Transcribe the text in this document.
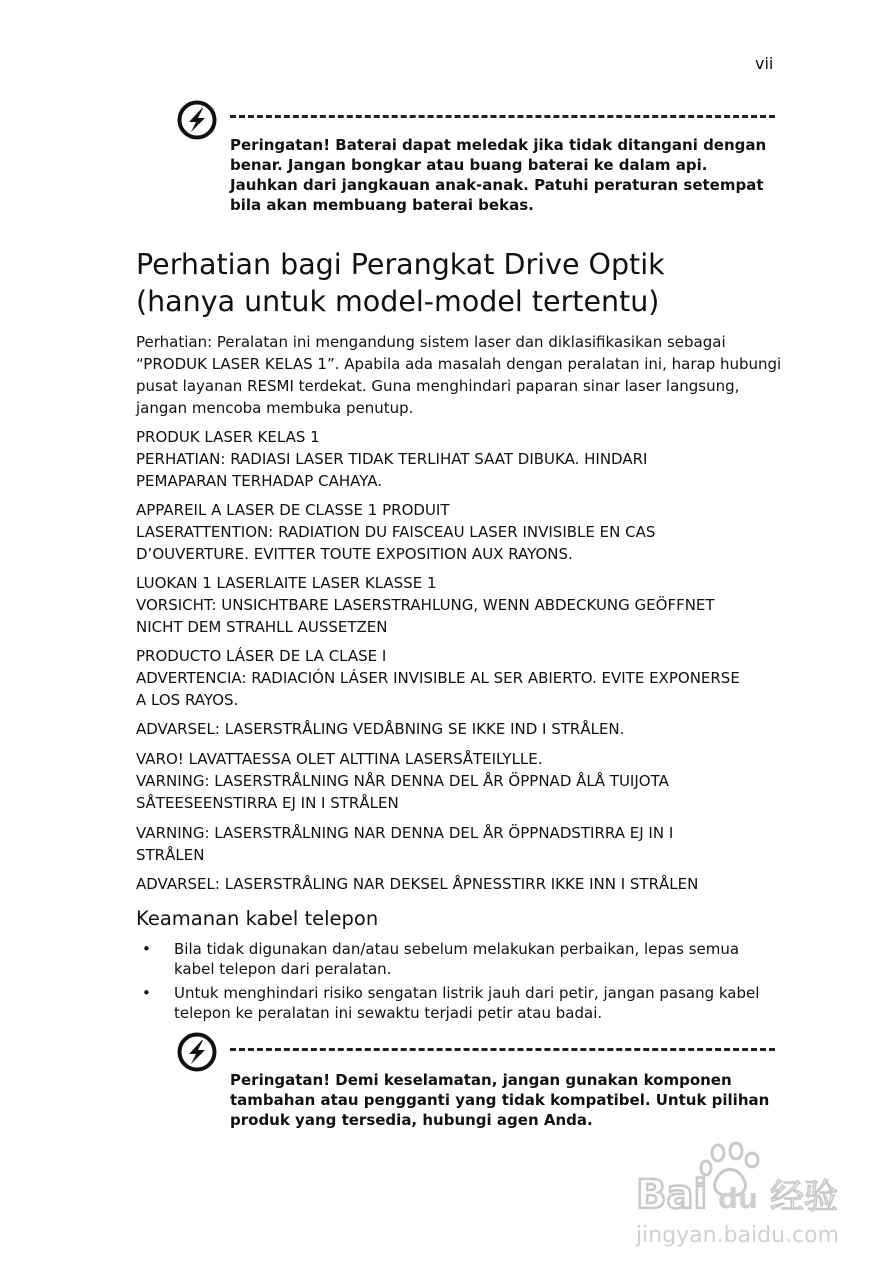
vii
Peringatan! Baterai dapat meledak jika tidak ditangani dengan benar. Jangan bongkar atau buang baterai ke dalam api. Jauhkan dari jangkauan anak-anak. Patuhi peraturan setempat bila akan membuang baterai bekas.
Perhatian bagi Perangkat Drive Optik
(hanya untuk model-model tertentu)

Perhatian: Peralatan ini mengandung sistem laser dan diklasifikasikan sebagai “PRODUK LASER KELAS 1”. Apabila ada masalah dengan peralatan ini, harap hubungi pusat layanan RESMI terdekat. Guna menghindari paparan sinar laser langsung, jangan mencoba membuka penutup.

PRODUK LASER KELAS 1
PERHATIAN: RADIASI LASER TIDAK TERLIHAT SAAT DIBUKA. HINDARI
PEMAPARAN TERHADAP CAHAYA.
APPAREIL A LASER DE CLASSE 1 PRODUIT
LASERATTENTION: RADIATION DU FAISCEAU LASER INVISIBLE EN CAS
D’OUVERTURE. EVITTER TOUTE EXPOSITION AUX RAYONS.
LUOKAN 1 LASERLAITE LASER KLASSE 1
VORSICHT: UNSICHTBARE LASERSTRAHLUNG, WENN ABDECKUNG GEÖFFNET
NICHT DEM STRAHLL AUSSETZEN
PRODUCTO LÁSER DE LA CLASE I
ADVERTENCIA: RADIACIÓN LÁSER INVISIBLE AL SER ABIERTO. EVITE EXPONERSE
A LOS RAYOS.
ADVARSEL: LASERSTRÅLING VEDÅBNING SE IKKE IND I STRÅLEN.
VARO! LAVATTAESSA OLET ALTTINA LASERSÅTEILYLLE.
VARNING: LASERSTRÅLNING NÅR DENNA DEL ÅR ÖPPNAD ÅLÅ TUIJOTA
SÅTEESEENSTIRRA EJ IN I STRÅLEN
VARNING: LASERSTRÅLNING NAR DENNA DEL ÅR ÖPPNADSTIRRA EJ IN I
STRÅLEN
ADVARSEL: LASERSTRÅLING NAR DEKSEL ÅPNESSTIRR IKKE INN I STRÅLEN
Keamanan kabel telepon
• Bila tidak digunakan dan/atau sebelum melakukan perbaikan, lepas semua kabel telepon dari peralatan.
• Untuk menghindari risiko sengatan listrik jauh dari petir, jangan pasang kabel telepon ke peralatan ini sewaktu terjadi petir atau badai.
Peringatan! Demi keselamatan, jangan gunakan komponen tambahan atau pengganti yang tidak kompatibel. Untuk pilihan produk yang tersedia, hubungi agen Anda.
Bai du 经验
jingyan.baidu.com
